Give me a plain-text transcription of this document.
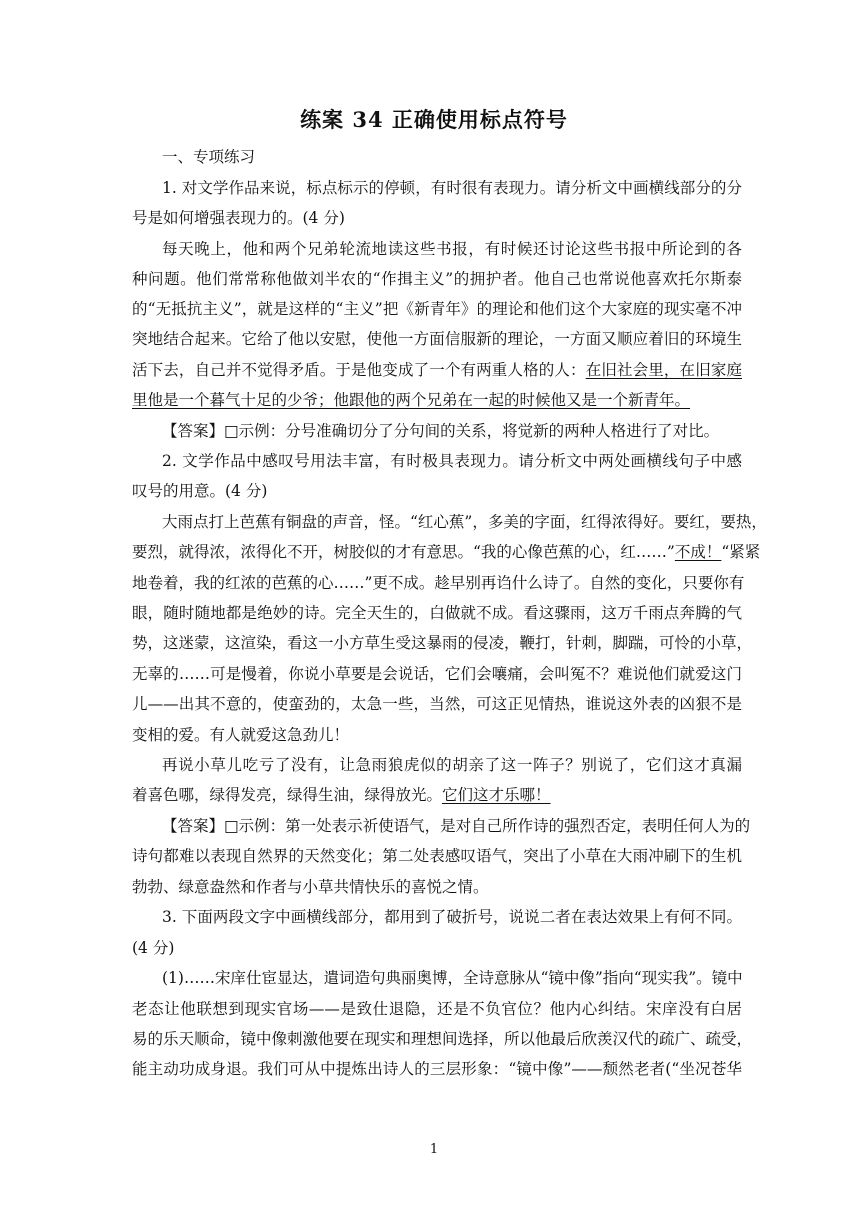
练案 34 正确使用标点符号
一、专项练习
1. 对文学作品来说，标点标示的停顿，有时很有表现力。请分析文中画横线部分的分
号是如何增强表现力的。(4 分)
每天晚上，他和两个兄弟轮流地读这些书报，有时候还讨论这些书报中所论到的各
种问题。他们常常称他做刘半农的“作揖主义”的拥护者。他自己也常说他喜欢托尔斯泰
的“无抵抗主义”，就是这样的“主义”把《新青年》的理论和他们这个大家庭的现实毫不冲
突地结合起来。它给了他以安慰，使他一方面信服新的理论，一方面又顺应着旧的环境生
活下去，自己并不觉得矛盾。于是他变成了一个有两重人格的人：在旧社会里，在旧家庭
里他是一个暮气十足的少爷；他跟他的两个兄弟在一起的时候他又是一个新青年。
【答案】□示例：分号准确切分了分句间的关系，将觉新的两种人格进行了对比。
2. 文学作品中感叹号用法丰富，有时极具表现力。请分析文中两处画横线句子中感
叹号的用意。(4 分)
大雨点打上芭蕉有铜盘的声音，怪。“红心蕉”，多美的字面，红得浓得好。要红，要热，
要烈，就得浓，浓得化不开，树胶似的才有意思。“我的心像芭蕉的心，红……”不成！“紧紧
地卷着，我的红浓的芭蕉的心……”更不成。趁早别再诌什么诗了。自然的变化，只要你有
眼，随时随地都是绝妙的诗。完全天生的，白做就不成。看这骤雨，这万千雨点奔腾的气
势，这迷蒙，这渲染，看这一小方草生受这暴雨的侵凌，鞭打，针刺，脚踹，可怜的小草，
无辜的……可是慢着，你说小草要是会说话，它们会嚷痛，会叫冤不？难说他们就爱这门
儿——出其不意的，使蛮劲的，太急一些，当然，可这正见情热，谁说这外表的凶狠不是
变相的爱。有人就爱这急劲儿！
再说小草儿吃亏了没有，让急雨狼虎似的胡亲了这一阵子？别说了，它们这才真漏
着喜色哪，绿得发亮，绿得生油，绿得放光。它们这才乐哪！
【答案】□示例：第一处表示祈使语气，是对自己所作诗的强烈否定，表明任何人为的
诗句都难以表现自然界的天然变化；第二处表感叹语气，突出了小草在大雨冲刷下的生机
勃勃、绿意盎然和作者与小草共情快乐的喜悦之情。
3. 下面两段文字中画横线部分，都用到了破折号，说说二者在表达效果上有何不同。
(4 分)
(1)……宋庠仕宦显达，遣词造句典丽奥博，全诗意脉从“镜中像”指向“现实我”。镜中
老态让他联想到现实官场——是致仕退隐，还是不负官位？他内心纠结。宋庠没有白居
易的乐天顺命，镜中像刺激他要在现实和理想间选择，所以他最后欣羡汉代的疏广、疏受，
能主动功成身退。我们可从中提炼出诗人的三层形象：“镜中像”——颓然老者(“坐况苍华
1
